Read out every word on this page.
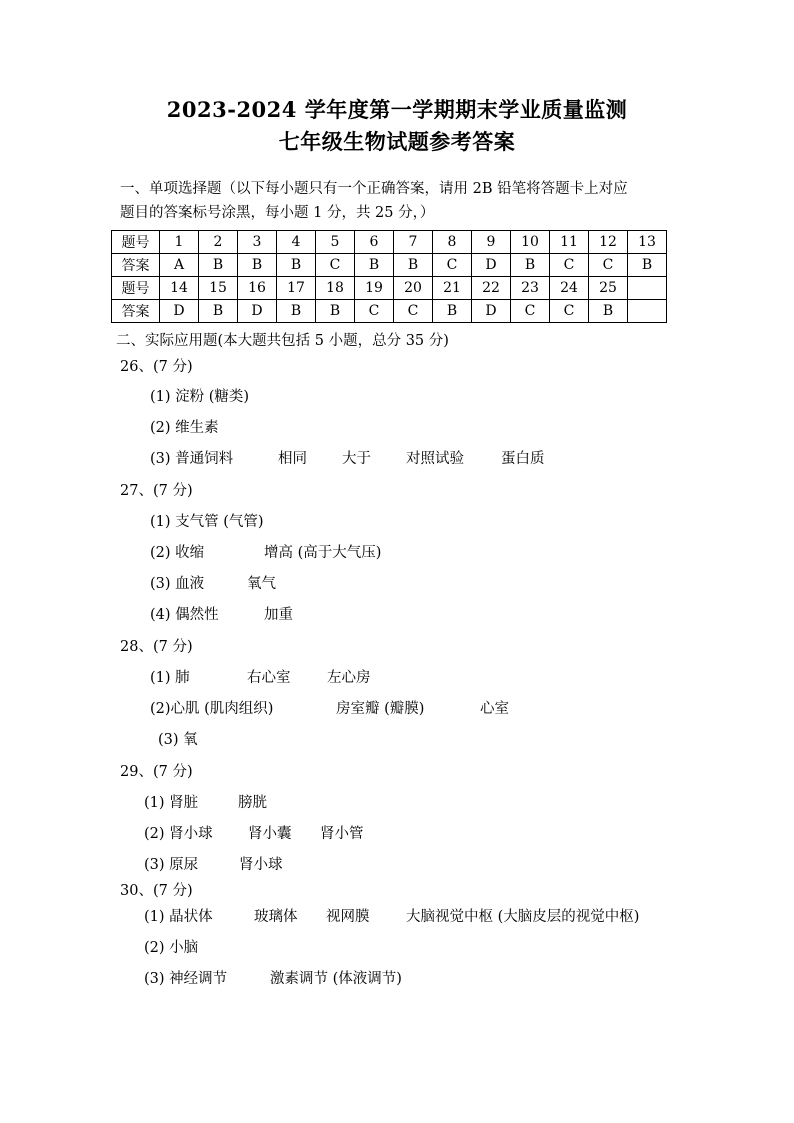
2023-2024 学年度第一学期期末学业质量监测
七年级生物试题参考答案
一、单项选择题（以下每小题只有一个正确答案，请用 2B 铅笔将答题卡上对应
题目的答案标号涂黑，每小题 1 分，共 25 分，）
题号	1	2	3	4	5	6	7	8	9	10	11	12	13
答案	A	B	B	B	C	B	B	C	D	B	C	C	B
题号	14	15	16	17	18	19	20	21	22	23	24	25	
答案	D	B	D	B	B	C	C	B	D	C	C	B	
二、实际应用题(本大题共包括 5 小题，总分 35 分)
26、(7 分)
(1) 淀粉 (糖类)
(2) 维生素
(3) 普通饲料	相同	大于	对照试验	蛋白质
27、(7 分)
(1) 支气管 (气管)
(2) 收缩	增高 (高于大气压)
(3) 血液	氧气
(4) 偶然性	加重
28、(7 分)
(1) 肺	右心室	左心房
(2)心肌 (肌肉组织)	房室瓣 (瓣膜)	心室
(3) 氧
29、(7 分)
(1) 肾脏	膀胱
(2) 肾小球	肾小囊	肾小管
(3) 原尿	肾小球
30、(7 分)
(1) 晶状体	玻璃体	视网膜	大脑视觉中枢 (大脑皮层的视觉中枢)
(2) 小脑
(3) 神经调节	激素调节 (体液调节)
